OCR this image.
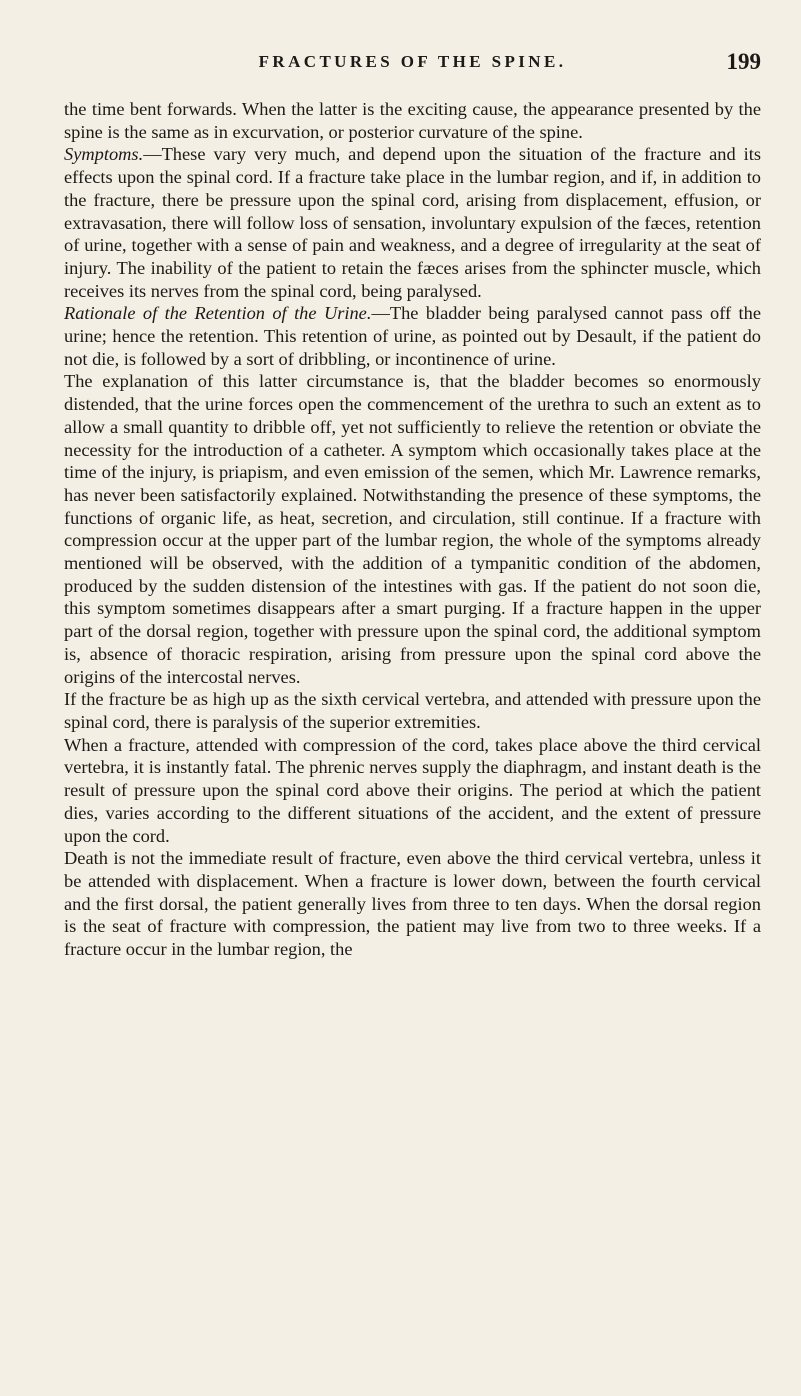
FRACTURES OF THE SPINE.	199

the time bent forwards. When the latter is the exciting cause, the appearance presented by the spine is the same as in excurvation, or posterior curvature of the spine.

Symptoms.—These vary very much, and depend upon the situation of the fracture and its effects upon the spinal cord. If a fracture take place in the lumbar region, and if, in addition to the fracture, there be pressure upon the spinal cord, arising from displacement, effusion, or extravasation, there will follow loss of sensation, involuntary expulsion of the fæces, retention of urine, together with a sense of pain and weakness, and a degree of irregularity at the seat of injury. The inability of the patient to retain the fæces arises from the sphincter muscle, which receives its nerves from the spinal cord, being paralysed.

Rationale of the Retention of the Urine.—The bladder being paralysed cannot pass off the urine; hence the retention. This retention of urine, as pointed out by Desault, if the patient do not die, is followed by a sort of dribbling, or incontinence of urine.

The explanation of this latter circumstance is, that the bladder becomes so enormously distended, that the urine forces open the commencement of the urethra to such an extent as to allow a small quantity to dribble off, yet not sufficiently to relieve the retention or obviate the necessity for the introduction of a catheter. A symptom which occasionally takes place at the time of the injury, is priapism, and even emission of the semen, which Mr. Lawrence remarks, has never been satisfactorily explained. Notwithstanding the presence of these symptoms, the functions of organic life, as heat, secretion, and circulation, still continue. If a fracture with compression occur at the upper part of the lumbar region, the whole of the symptoms already mentioned will be observed, with the addition of a tympanitic condition of the abdomen, produced by the sudden distension of the intestines with gas. If the patient do not soon die, this symptom sometimes disappears after a smart purging. If a fracture happen in the upper part of the dorsal region, together with pressure upon the spinal cord, the additional symptom is, absence of thoracic respiration, arising from pressure upon the spinal cord above the origins of the intercostal nerves.

If the fracture be as high up as the sixth cervical vertebra, and attended with pressure upon the spinal cord, there is paralysis of the superior extremities.

When a fracture, attended with compression of the cord, takes place above the third cervical vertebra, it is instantly fatal. The phrenic nerves supply the diaphragm, and instant death is the result of pressure upon the spinal cord above their origins. The period at which the patient dies, varies according to the different situations of the accident, and the extent of pressure upon the cord.

Death is not the immediate result of fracture, even above the third cervical vertebra, unless it be attended with displacement. When a fracture is lower down, between the fourth cervical and the first dorsal, the patient generally lives from three to ten days. When the dorsal region is the seat of fracture with compression, the patient may live from two to three weeks. If a fracture occur in the lumbar region, the
